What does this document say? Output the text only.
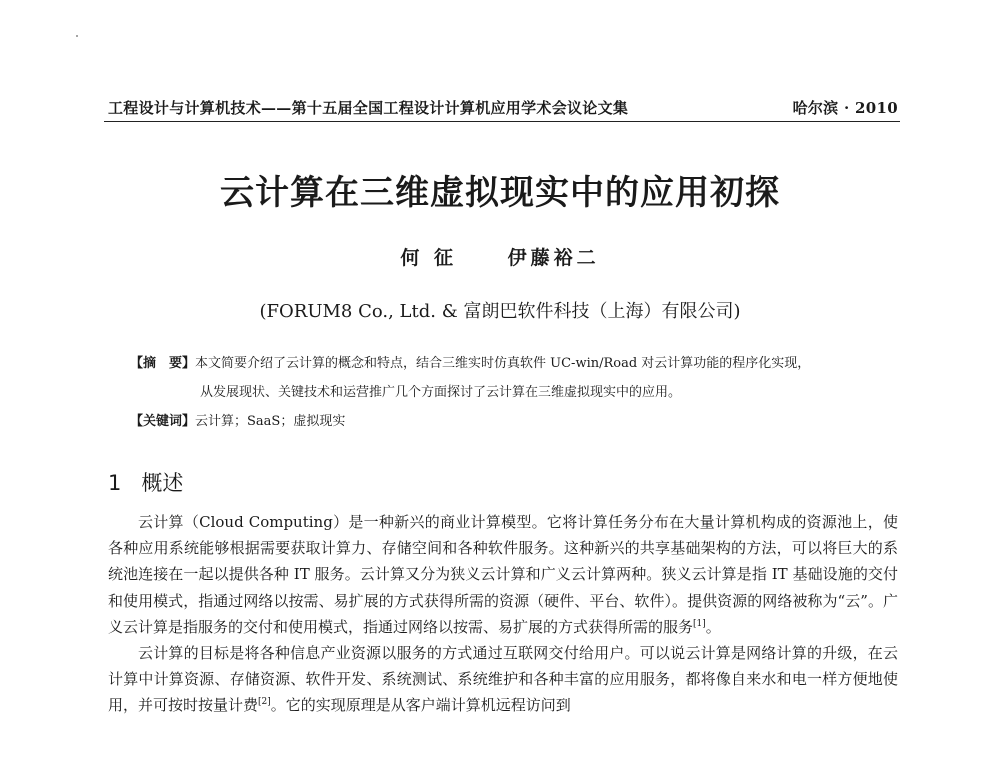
工程设计与计算机技术——第十五届全国工程设计计算机应用学术会议论文集	哈尔滨 · 2010
云计算在三维虚拟现实中的应用初探
何 征	伊藤裕二
(FORUM8 Co., Ltd. & 富朗巴软件科技（上海）有限公司)
【摘　要】本文简要介绍了云计算的概念和特点，结合三维实时仿真软件 UC-win/Road 对云计算功能的程序化实现，
从发展现状、关键技术和运营推广几个方面探讨了云计算在三维虚拟现实中的应用。
【关键词】云计算；SaaS；虚拟现实
1 概述

云计算（Cloud Computing）是一种新兴的商业计算模型。它将计算任务分布在大量计算机构成的资源池上，使各种应用系统能够根据需要获取计算力、存储空间和各种软件服务。这种新兴的共享基础架构的方法，可以将巨大的系统池连接在一起以提供各种 IT 服务。云计算又分为狭义云计算和广义云计算两种。狭义云计算是指 IT 基础设施的交付和使用模式，指通过网络以按需、易扩展的方式获得所需的资源（硬件、平台、软件）。提供资源的网络被称为“云”。广义云计算是指服务的交付和使用模式，指通过网络以按需、易扩展的方式获得所需的服务[1]。

云计算的目标是将各种信息产业资源以服务的方式通过互联网交付给用户。可以说云计算是网络计算的升级，在云计算中计算资源、存储资源、软件开发、系统测试、系统维护和各种丰富的应用服务，都将像自来水和电一样方便地使用，并可按时按量计费[2]。它的实现原理是从客户端计算机远程访问到
